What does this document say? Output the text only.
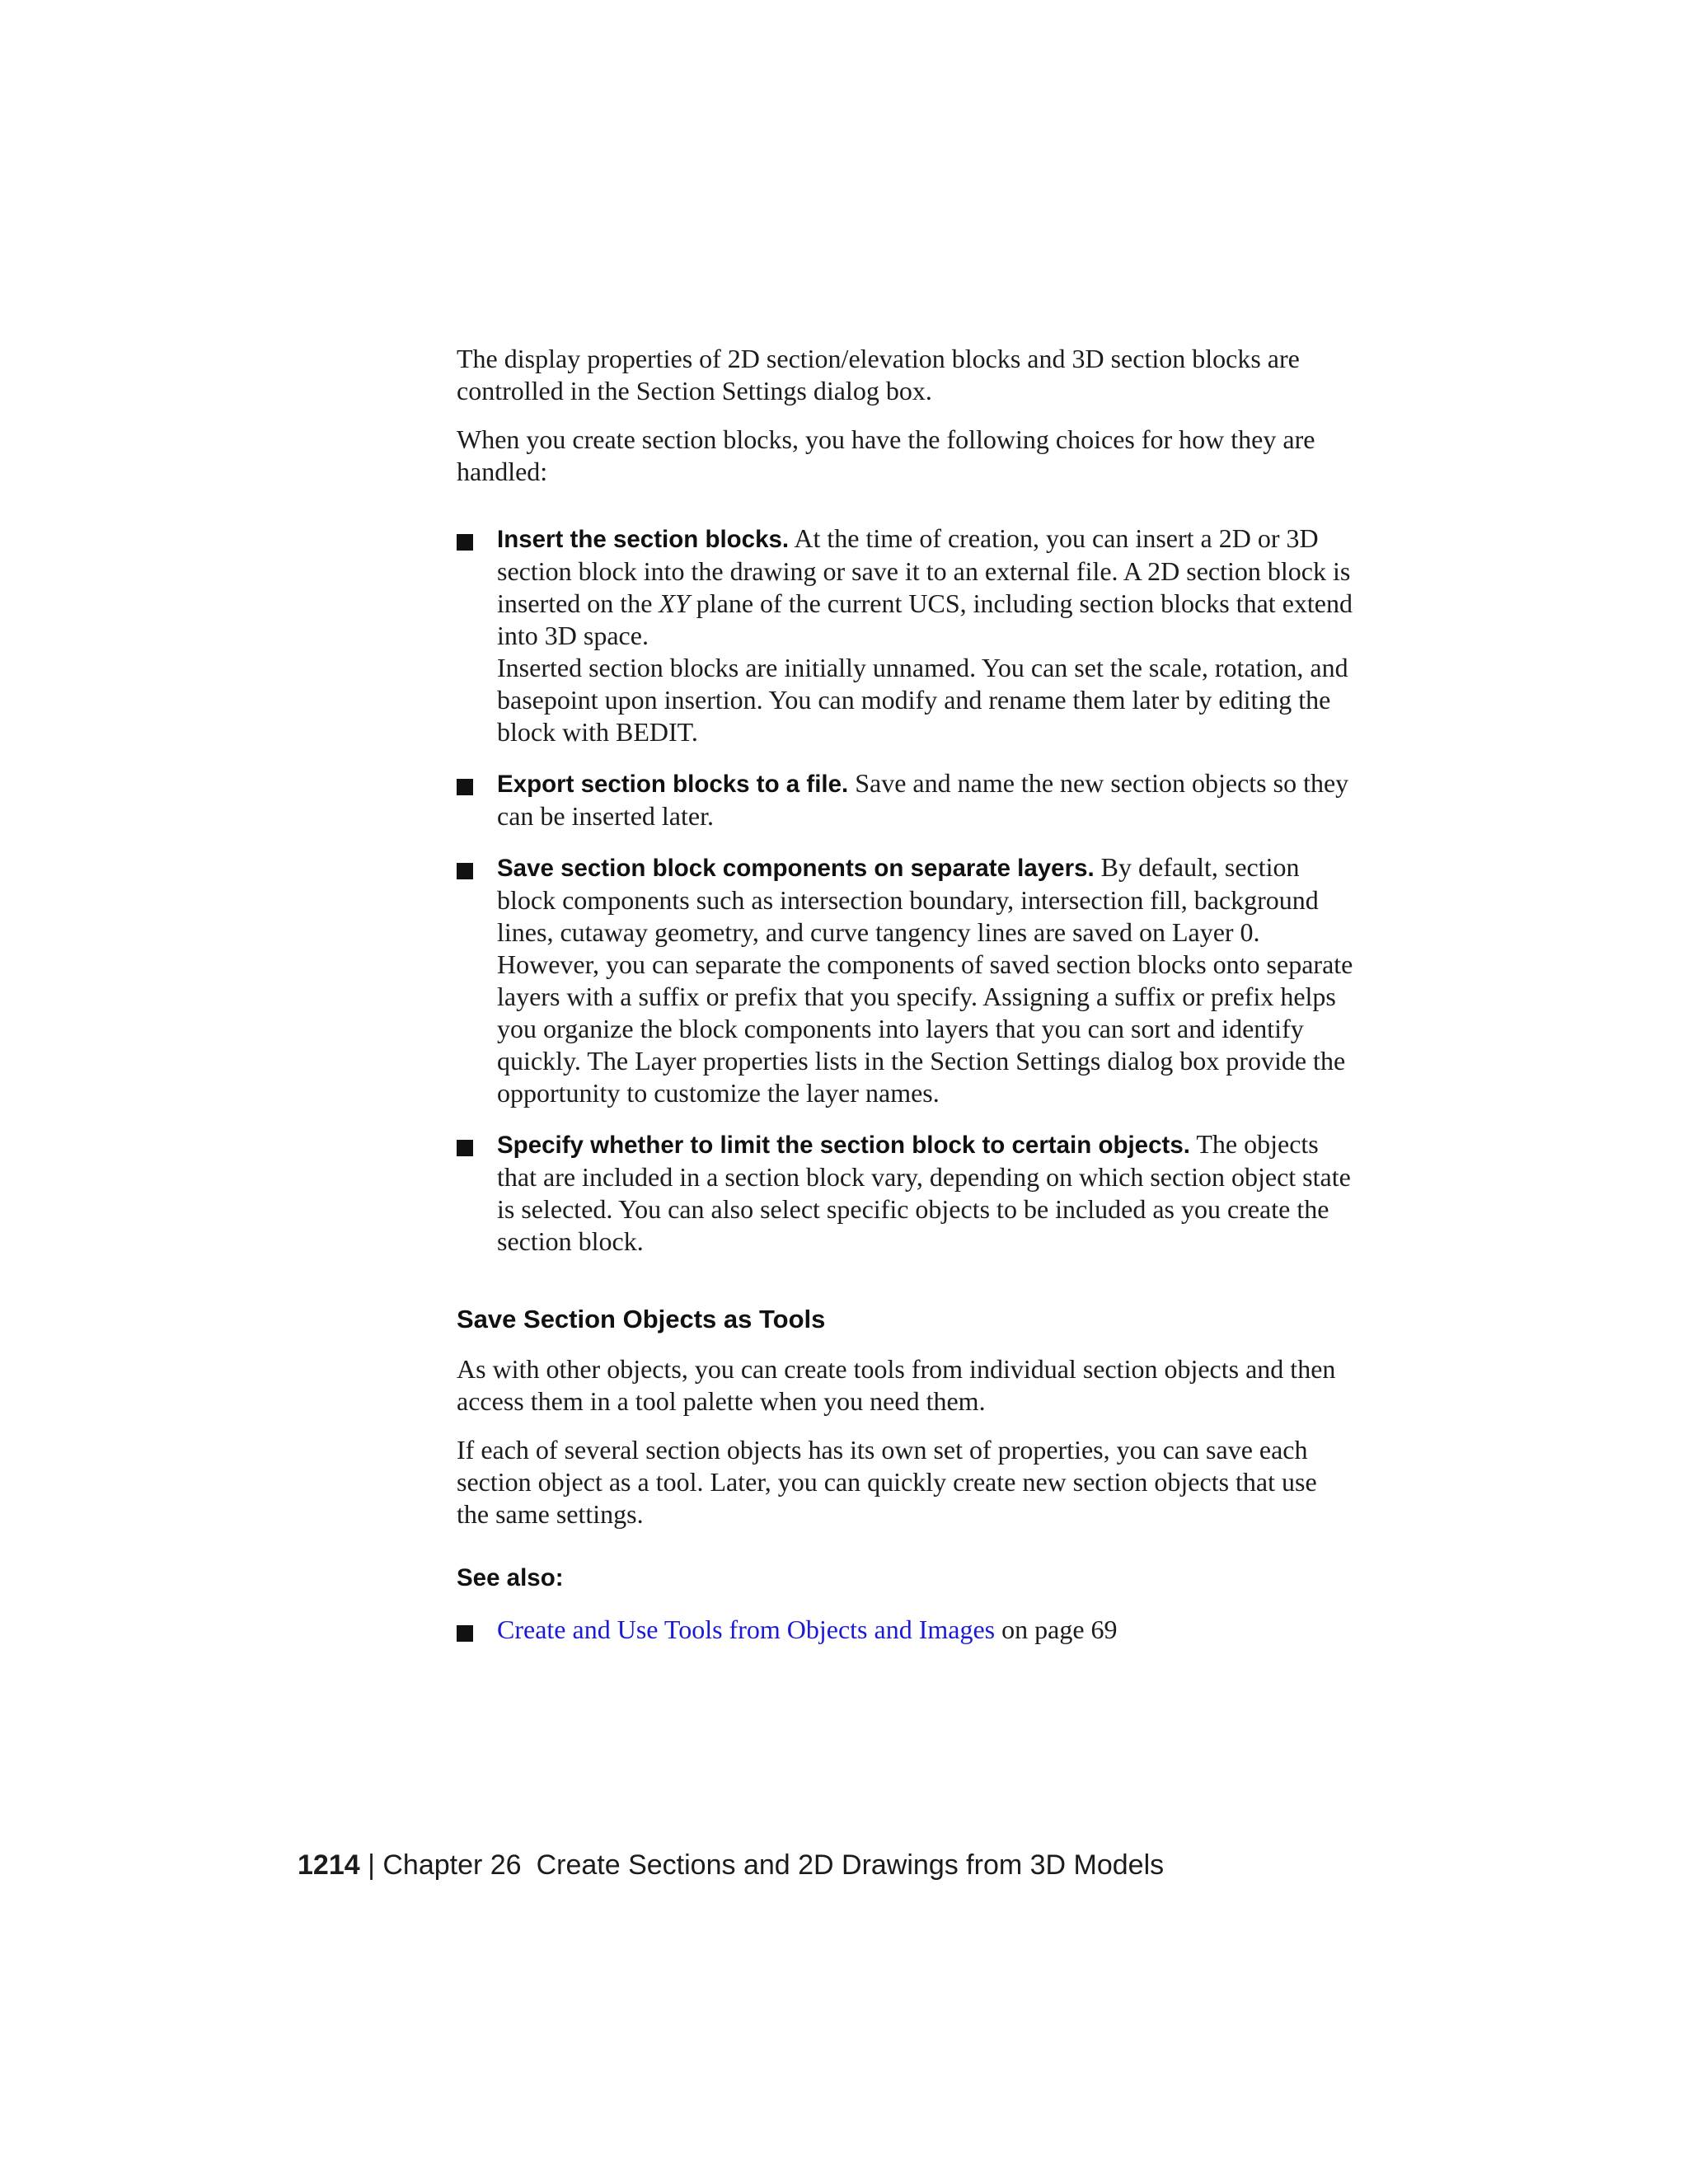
The display properties of 2D section/elevation blocks and 3D section blocks are controlled in the Section Settings dialog box.

When you create section blocks, you have the following choices for how they are handled:

Insert the section blocks. At the time of creation, you can insert a 2D or 3D section block into the drawing or save it to an external file. A 2D section block is inserted on the XY plane of the current UCS, including section blocks that extend into 3D space.
Inserted section blocks are initially unnamed. You can set the scale, rotation, and basepoint upon insertion. You can modify and rename them later by editing the block with BEDIT.
Export section blocks to a file. Save and name the new section objects so they can be inserted later.
Save section block components on separate layers. By default, section block components such as intersection boundary, intersection fill, background lines, cutaway geometry, and curve tangency lines are saved on Layer 0. However, you can separate the components of saved section blocks onto separate layers with a suffix or prefix that you specify. Assigning a suffix or prefix helps you organize the block components into layers that you can sort and identify quickly. The Layer properties lists in the Section Settings dialog box provide the opportunity to customize the layer names.
Specify whether to limit the section block to certain objects. The objects that are included in a section block vary, depending on which section object state is selected. You can also select specific objects to be included as you create the section block.
Save Section Objects as Tools

As with other objects, you can create tools from individual section objects and then access them in a tool palette when you need them.

If each of several section objects has its own set of properties, you can save each section object as a tool. Later, you can quickly create new section objects that use the same settings.

See also:
Create and Use Tools from Objects and Images on page 69
1214 | Chapter 26 Create Sections and 2D Drawings from 3D Models
